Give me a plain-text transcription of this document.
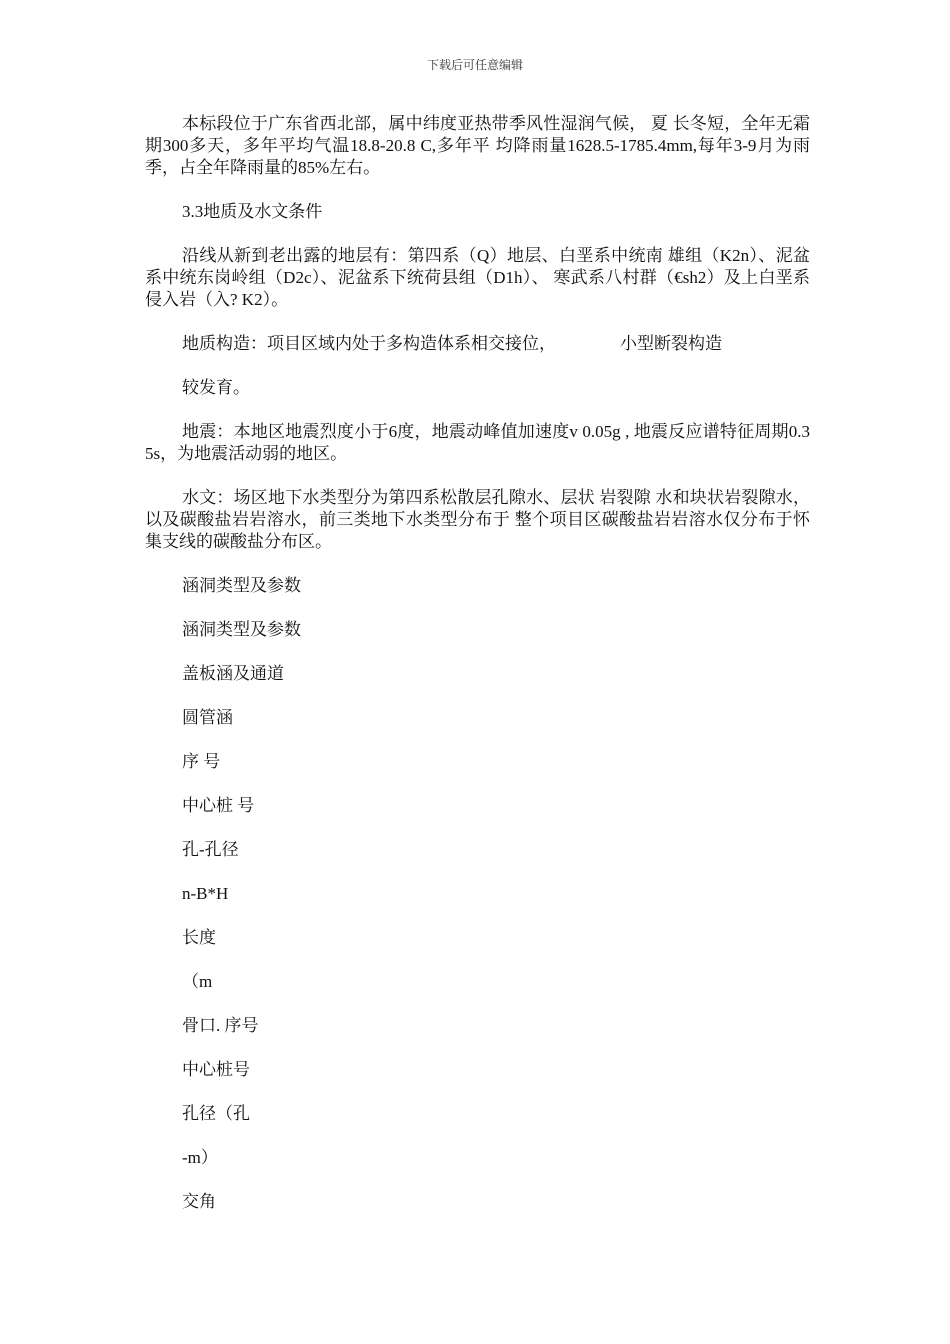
下载后可任意编辑

本标段位于广东省西北部，属中纬度亚热带季风性湿润气候， 夏 长冬短，全年无霜期300多天，多年平均气温18.8-20.8 C,多年平 均降雨量1628.5-1785.4mm,每年3-9月为雨季，占全年降雨量的85%左右。

3.3地质及水文条件

沿线从新到老出露的地层有：第四系（Q）地层、白垩系中统南 雄组（K2n）、泥盆系中统东岗岭组（D2c）、泥盆系下统荷县组（D1h）、 寒武系八村群（€sh2）及上白垩系侵入岩（入? K2）。

地质构造：项目区域内处于多构造体系相交接位，	小型断裂构造

较发育。

地震：本地区地震烈度小于6度，地震动峰值加速度v 0.05g , 地震反应谱特征周期0.35s，为地震活动弱的地区。

水文：场区地下水类型分为第四系松散层孔隙水、层状 岩裂隙 水和块状岩裂隙水，以及碳酸盐岩岩溶水，前三类地下水类型分布于 整个项目区碳酸盐岩岩溶水仅分布于怀集支线的碳酸盐分布区。

涵洞类型及参数
涵洞类型及参数
盖板涵及通道
圆管涵
序 号
中心桩 号
孔-孔径
n-B*H
长度
（m
骨口. 序号
中心桩号
孔径（孔
-m）
交角
